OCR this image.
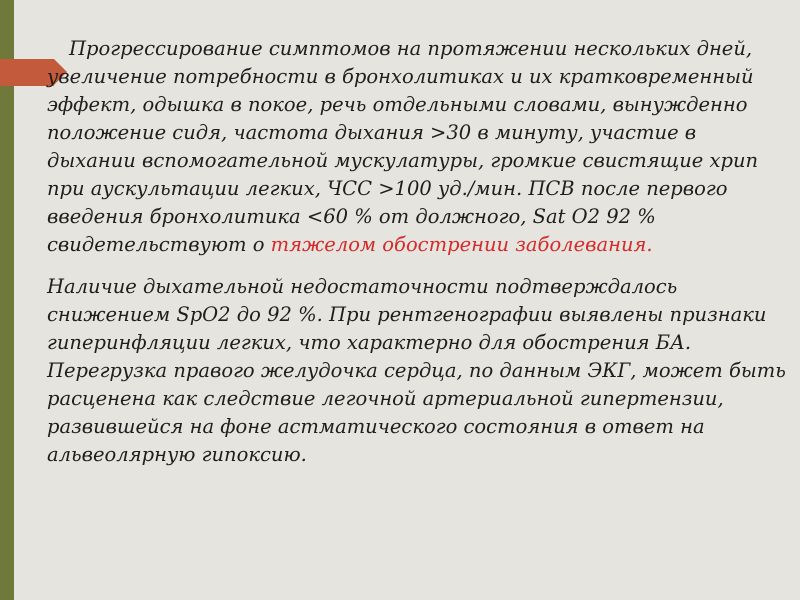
Прогрессирование симптомов на протяжении нескольких дней, увеличение потребности в бронхолитиках и их кратковременный эффект, одышка в покое, речь отдельными словами, вынужденно положение сидя, частота дыхания >30 в минуту, участие в дыхании вспомогательной мускулатуры, громкие свистящие хрип при аускультации легких, ЧСС >100 уд./мин. ПСВ после первого введения бронхолитика <60 % от должного, Sat O2 92 % свидетельствуют о тяжелом обострении заболевания.

Наличие дыхательной недостаточности подтверждалось снижением SpO2 до 92 %. При рентгенографии выявлены признаки гиперинфляции легких, что характерно для обострения БА. Перегрузка правого желудочка сердца, по данным ЭКГ, может быть расценена как следствие легочной артериальной гипертензии, развившейся на фоне астматического состояния в ответ на альвеолярную гипоксию.
